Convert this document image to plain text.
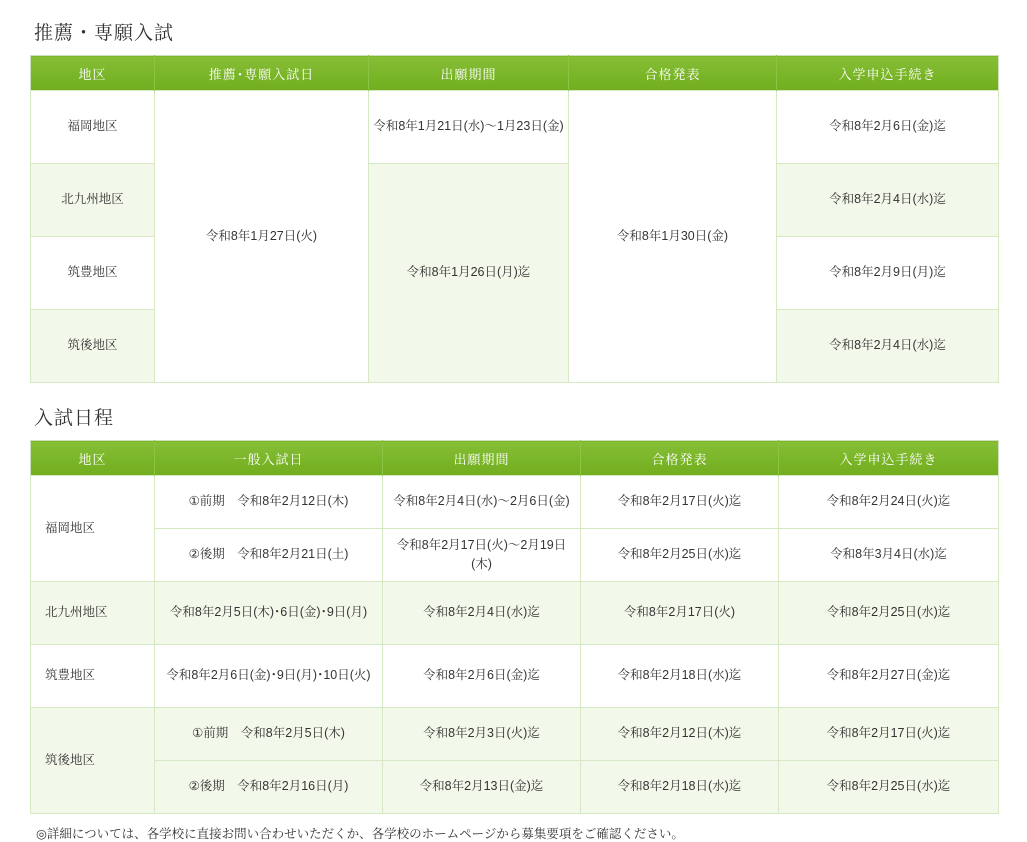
推薦・専願入試
地区	推薦･専願入試日	出願期間	合格発表	入学申込手続き
福岡地区	令和8年1月27日(火)	令和8年1月21日(水)～1月23日(金)	令和8年1月30日(金)	令和8年2月6日(金)迄
北九州地区		令和8年1月26日(月)迄		令和8年2月4日(水)迄
筑豊地区				令和8年2月9日(月)迄
筑後地区				令和8年2月4日(水)迄
入試日程
地区	一般入試日	出願期間	合格発表	入学申込手続き
福岡地区	①前期　令和8年2月12日(木)	令和8年2月4日(水)～2月6日(金)	令和8年2月17日(火)迄	令和8年2月24日(火)迄
	②後期　令和8年2月21日(土)	令和8年2月17日(火)～2月19日(木)	令和8年2月25日(水)迄	令和8年3月4日(水)迄
北九州地区	令和8年2月5日(木)･6日(金)･9日(月)	令和8年2月4日(水)迄	令和8年2月17日(火)	令和8年2月25日(水)迄
筑豊地区	令和8年2月6日(金)･9日(月)･10日(火)	令和8年2月6日(金)迄	令和8年2月18日(水)迄	令和8年2月27日(金)迄
筑後地区	①前期　令和8年2月5日(木)	令和8年2月3日(火)迄	令和8年2月12日(木)迄	令和8年2月17日(火)迄
	②後期　令和8年2月16日(月)	令和8年2月13日(金)迄	令和8年2月18日(水)迄	令和8年2月25日(水)迄

◎詳細については、各学校に直接お問い合わせいただくか、各学校のホームページから募集要項をご確認ください。
